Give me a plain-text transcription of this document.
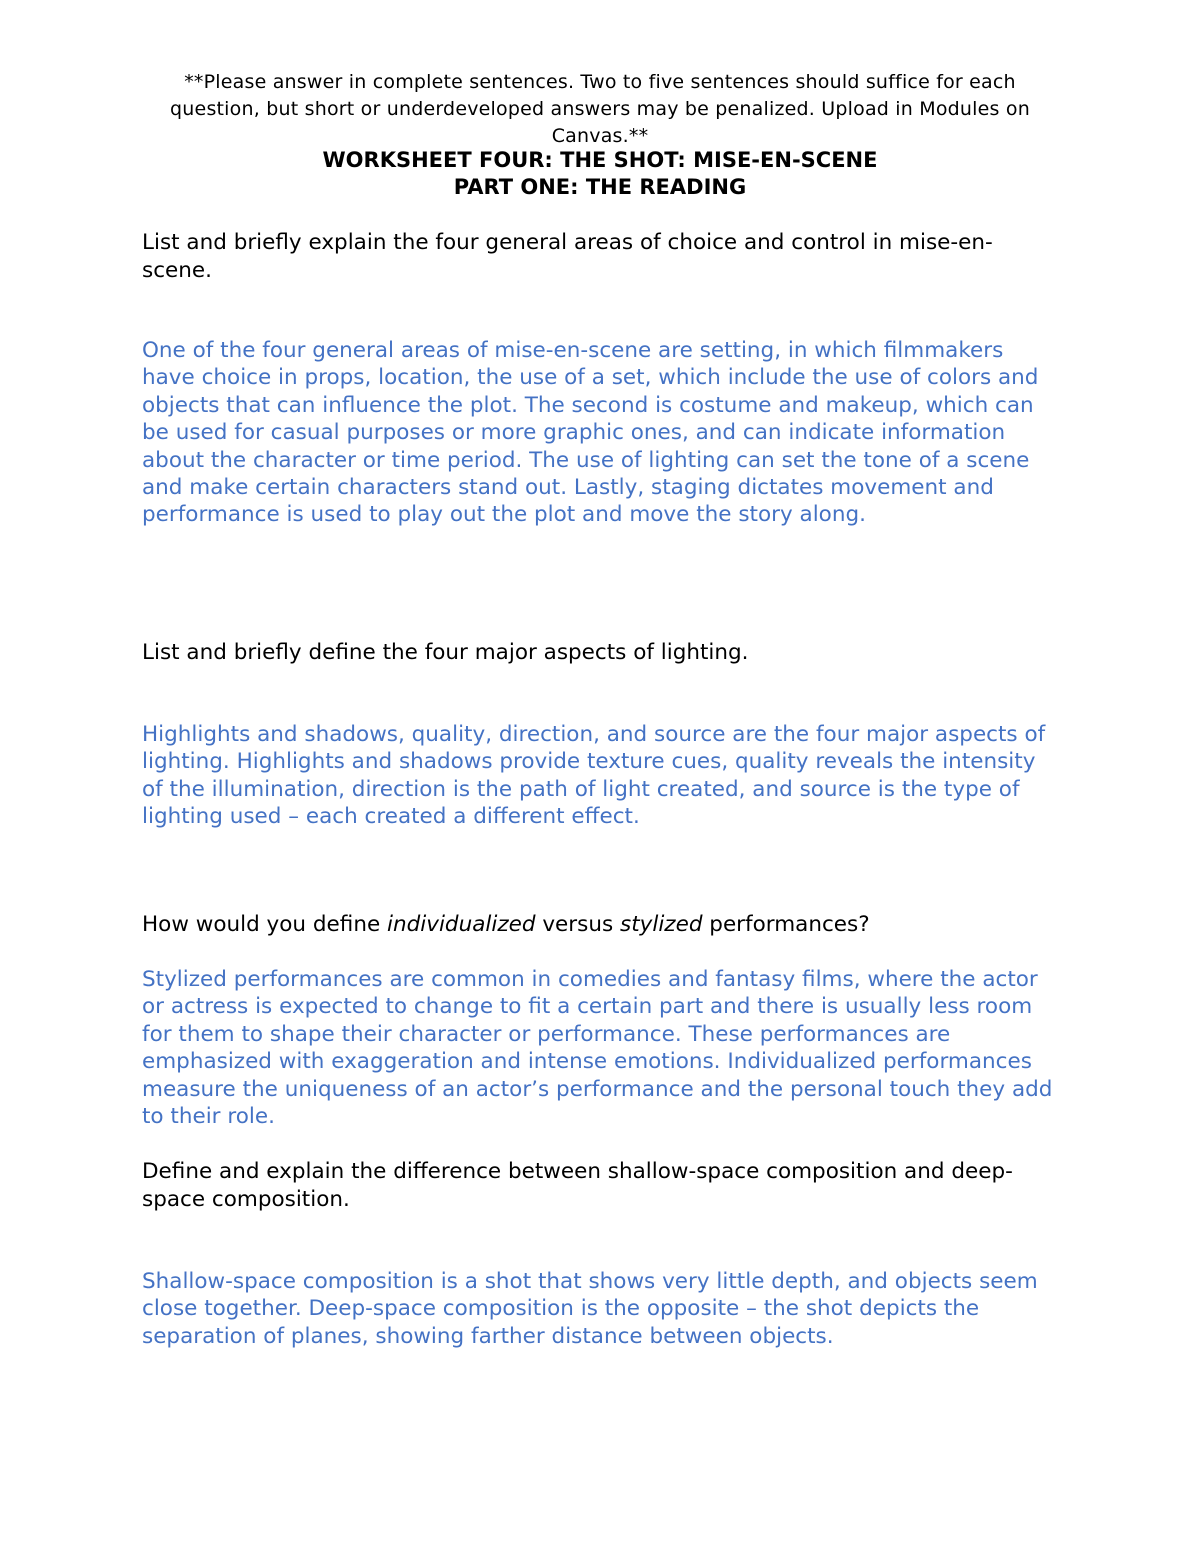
**Please answer in complete sentences. Two to five sentences should suffice for each question, but short or underdeveloped answers may be penalized. Upload in Modules on Canvas.**
WORKSHEET FOUR: THE SHOT: MISE-EN-SCENE
PART ONE: THE READING
List and briefly explain the four general areas of choice and control in mise-en-scene.
One of the four general areas of mise-en-scene are setting, in which filmmakers have choice in props, location, the use of a set, which include the use of colors and objects that can influence the plot. The second is costume and makeup, which can be used for casual purposes or more graphic ones, and can indicate information about the character or time period. The use of lighting can set the tone of a scene and make certain characters stand out. Lastly, staging dictates movement and performance is used to play out the plot and move the story along.
List and briefly define the four major aspects of lighting.
Highlights and shadows, quality, direction, and source are the four major aspects of lighting. Highlights and shadows provide texture cues, quality reveals the intensity of the illumination, direction is the path of light created, and source is the type of lighting used – each created a different effect.
How would you define individualized versus stylized performances?
Stylized performances are common in comedies and fantasy films, where the actor or actress is expected to change to fit a certain part and there is usually less room for them to shape their character or performance. These performances are emphasized with exaggeration and intense emotions. Individualized performances measure the uniqueness of an actor’s performance and the personal touch they add to their role.
Define and explain the difference between shallow-space composition and deep-space composition.
Shallow-space composition is a shot that shows very little depth, and objects seem close together. Deep-space composition is the opposite – the shot depicts the separation of planes, showing farther distance between objects.
